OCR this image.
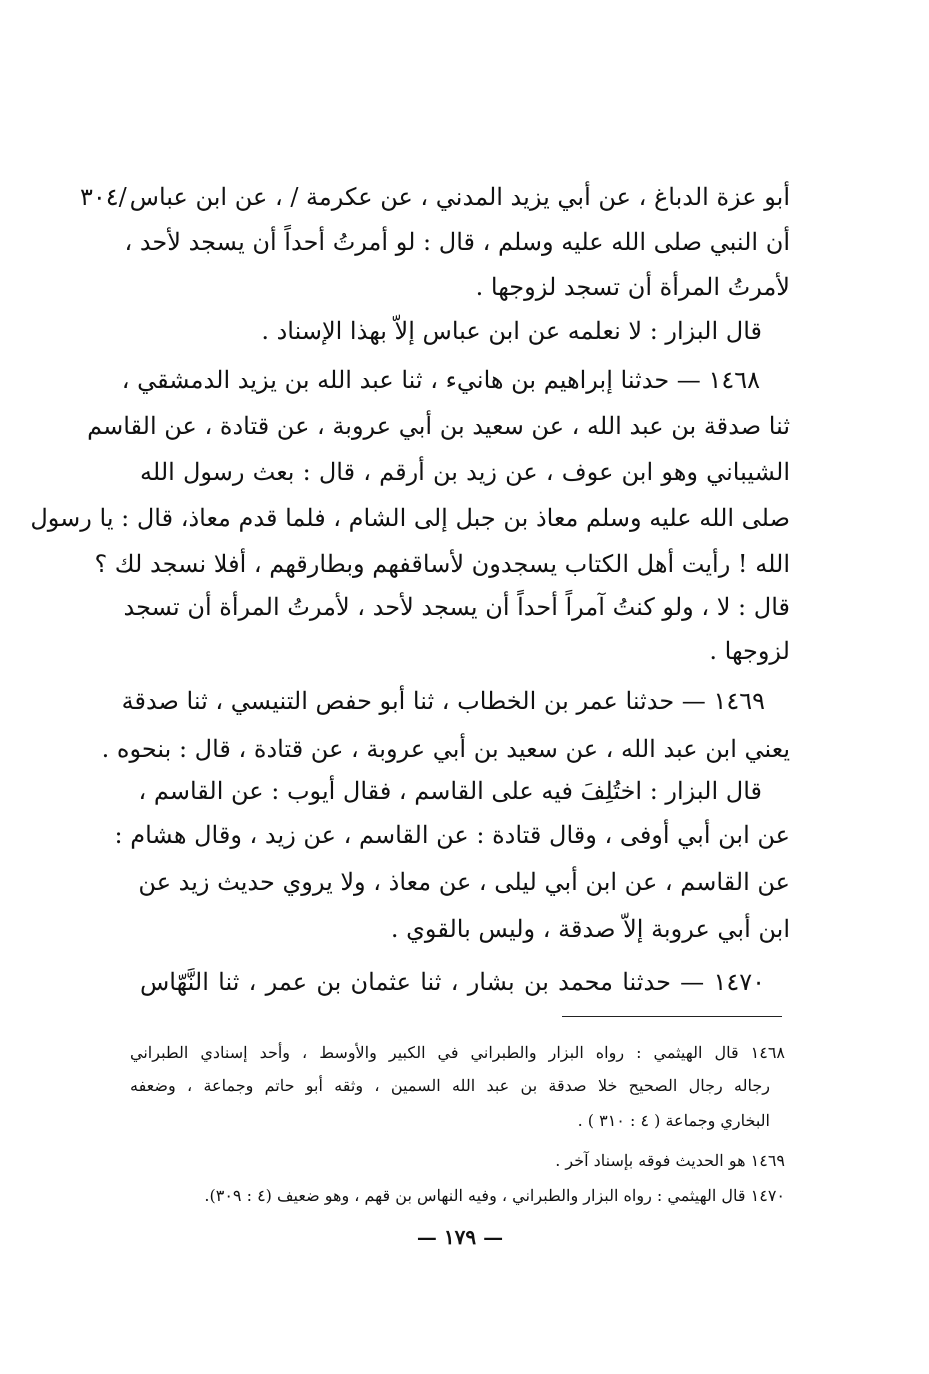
/٣٠٤ أبو عزة الدباغ ، عن أبي يزيد المدني ، عن عكرمة / ، عن ابن عباس
أن النبي صلى الله عليه وسلم ، قال : لو أمرتُ أحداً أن يسجد لأحد ،
لأمرتُ المرأة أن تسجد لزوجها .
قال البزار : لا نعلمه عن ابن عباس إلاّ بهذا الإسناد .
١٤٦٨ — حدثنا إبراهيم بن هانيء ، ثنا عبد الله بن يزيد الدمشقي ،
ثنا صدقة بن عبد الله ، عن سعيد بن أبي عروبة ، عن قتادة ، عن القاسم
الشيباني وهو ابن عوف ، عن زيد بن أرقم ، قال : بعث رسول الله
صلى الله عليه وسلم معاذ بن جبل إلى الشام ، فلما قدم معاذ، قال : يا رسول
الله ! رأيت أهل الكتاب يسجدون لأساقفهم وبطارقهم ، أفلا نسجد لك ؟
قال : لا ، ولو كنتُ آمراً أحداً أن يسجد لأحد ، لأمرتُ المرأة أن تسجد
لزوجها .
١٤٦٩ — حدثنا عمر بن الخطاب ، ثنا أبو حفص التنيسي ، ثنا صدقة
يعني ابن عبد الله ، عن سعيد بن أبي عروبة ، عن قتادة ، قال : بنحوه .
قال البزار : اختُلِفَ فيه على القاسم ، فقال أيوب : عن القاسم ،
عن ابن أبي أوفى ، وقال قتادة : عن القاسم ، عن زيد ، وقال هشام :
عن القاسم ، عن ابن أبي ليلى ، عن معاذ ، ولا يروي حديث زيد عن
ابن أبي عروبة إلاّ صدقة ، وليس بالقوي .
١٤٧٠ — حدثنا محمد بن بشار ، ثنا عثمان بن عمر ، ثنا النَّهّاس
١٤٦٨ قال الهيثمي : رواه البزار والطبراني في الكبير والأوسط ، وأحد إسنادي الطبراني
رجاله رجال الصحيح خلا صدقة بن عبد الله السمين ، وثقه أبو حاتم وجماعة ، وضعفه
البخاري وجماعة ( ٤ : ٣١٠ ) .
١٤٦٩ هو الحديث فوقه بإسناد آخر .
١٤٧٠ قال الهيثمي : رواه البزار والطبراني ، وفيه النهاس بن قهم ، وهو ضعيف (٤ : ٣٠٩).
— ١٧٩ —
